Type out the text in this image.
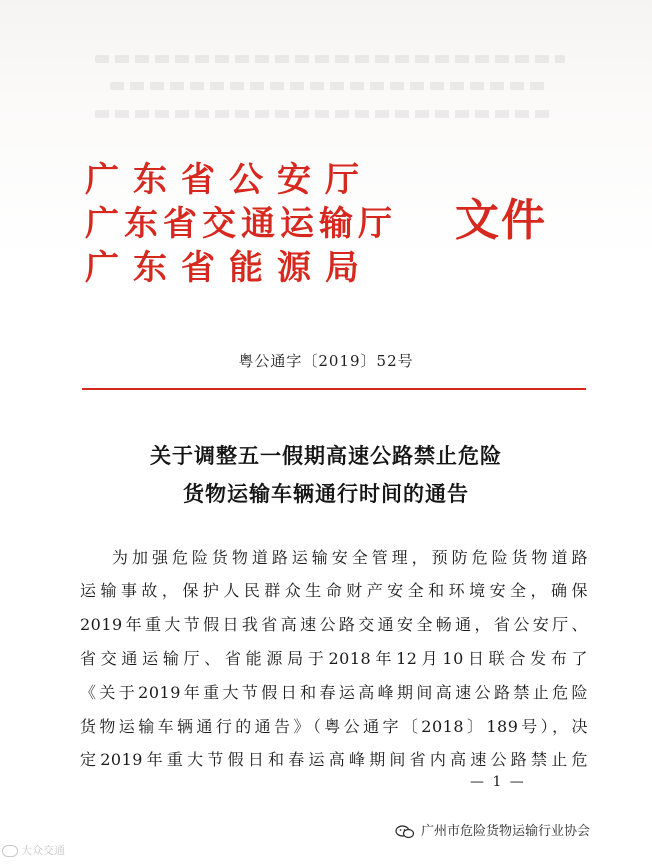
广东省公安厅
广东省交通运输厅
广东省能源局
文件
粤公通字〔2019〕52号
关于调整五一假期高速公路禁止危险
货物运输车辆通行时间的通告
为加强危险货物道路运输安全管理，预防危险货物道路
运输事故，保护人民群众生命财产安全和环境安全，确保
2019年重大节假日我省高速公路交通安全畅通，省公安厅、
省交通运输厅、省能源局于2018年12月10日联合发布了
《关于2019年重大节假日和春运高峰期间高速公路禁止危险
货物运输车辆通行的通告》（粤公通字〔2018〕189号），决
定2019年重大节假日和春运高峰期间省内高速公路禁止危
— 1 —
大众交通
广州市危险货物运输行业协会
